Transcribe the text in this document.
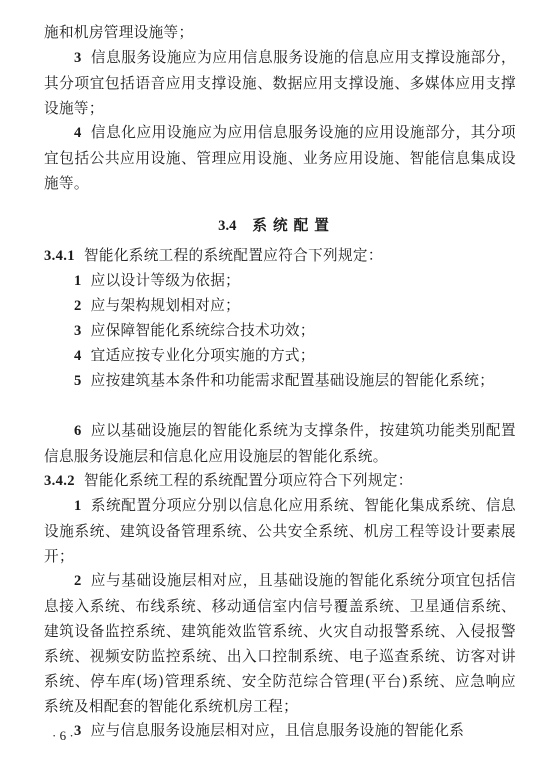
施和机房管理设施等；

3 信息服务设施应为应用信息服务设施的信息应用支撑设施部分，其分项宜包括语音应用支撑设施、数据应用支撑设施、多媒体应用支撑设施等；

4 信息化应用设施应为应用信息服务设施的应用设施部分，其分项宜包括公共应用设施、管理应用设施、业务应用设施、智能信息集成设施等。

3.4 系统配置

3.4.1 智能化系统工程的系统配置应符合下列规定：

1 应以设计等级为依据；

2 应与架构规划相对应；

3 应保障智能化系统综合技术功效；

4 宜适应按专业化分项实施的方式；

5 应按建筑基本条件和功能需求配置基础设施层的智能化系统；

6 应以基础设施层的智能化系统为支撑条件，按建筑功能类别配置信息服务设施层和信息化应用设施层的智能化系统。

3.4.2 智能化系统工程的系统配置分项应符合下列规定：

1 系统配置分项应分别以信息化应用系统、智能化集成系统、信息设施系统、建筑设备管理系统、公共安全系统、机房工程等设计要素展开；

2 应与基础设施层相对应，且基础设施的智能化系统分项宜包括信息接入系统、布线系统、移动通信室内信号覆盖系统、卫星通信系统、建筑设备监控系统、建筑能效监管系统、火灾自动报警系统、入侵报警系统、视频安防监控系统、出入口控制系统、电子巡查系统、访客对讲系统、停车库(场)管理系统、安全防范综合管理(平台)系统、应急响应系统及相配套的智能化系统机房工程；

3 应与信息服务设施层相对应，且信息服务设施的智能化系

· 6 ·
